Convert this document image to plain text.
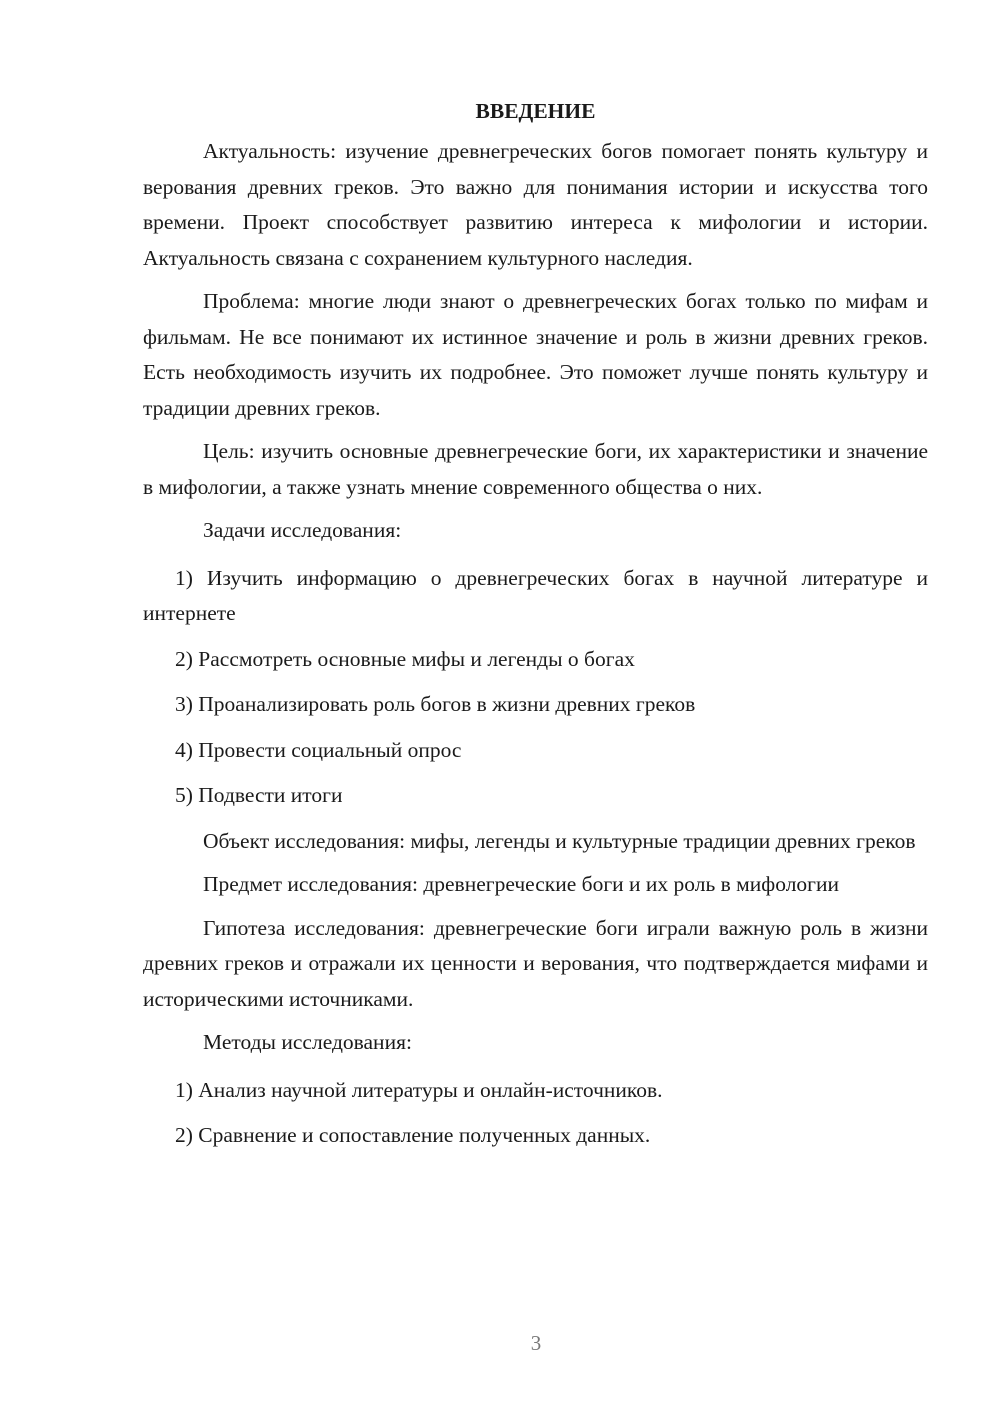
ВВЕДЕНИЕ

Актуальность: изучение древнегреческих богов помогает понять культуру и верования древних греков. Это важно для понимания истории и искусства того времени. Проект способствует развитию интереса к мифологии и истории. Актуальность связана с сохранением культурного наследия.

Проблема: многие люди знают о древнегреческих богах только по мифам и фильмам. Не все понимают их истинное значение и роль в жизни древних греков. Есть необходимость изучить их подробнее. Это поможет лучше понять культуру и традиции древних греков.

Цель: изучить основные древнегреческие боги, их характеристики и значение в мифологии, а также узнать мнение современного общества о них.

Задачи исследования:

1) Изучить информацию о древнегреческих богах в научной литературе и интернете

2) Рассмотреть основные мифы и легенды о богах

3) Проанализировать роль богов в жизни древних греков

4) Провести социальный опрос

5) Подвести итоги

Объект исследования: мифы, легенды и культурные традиции древних греков

Предмет исследования: древнегреческие боги и их роль в мифологии

Гипотеза исследования: древнегреческие боги играли важную роль в жизни древних греков и отражали их ценности и верования, что подтверждается мифами и историческими источниками.

Методы исследования:

1) Анализ научной литературы и онлайн-источников.

2) Сравнение и сопоставление полученных данных.

3
